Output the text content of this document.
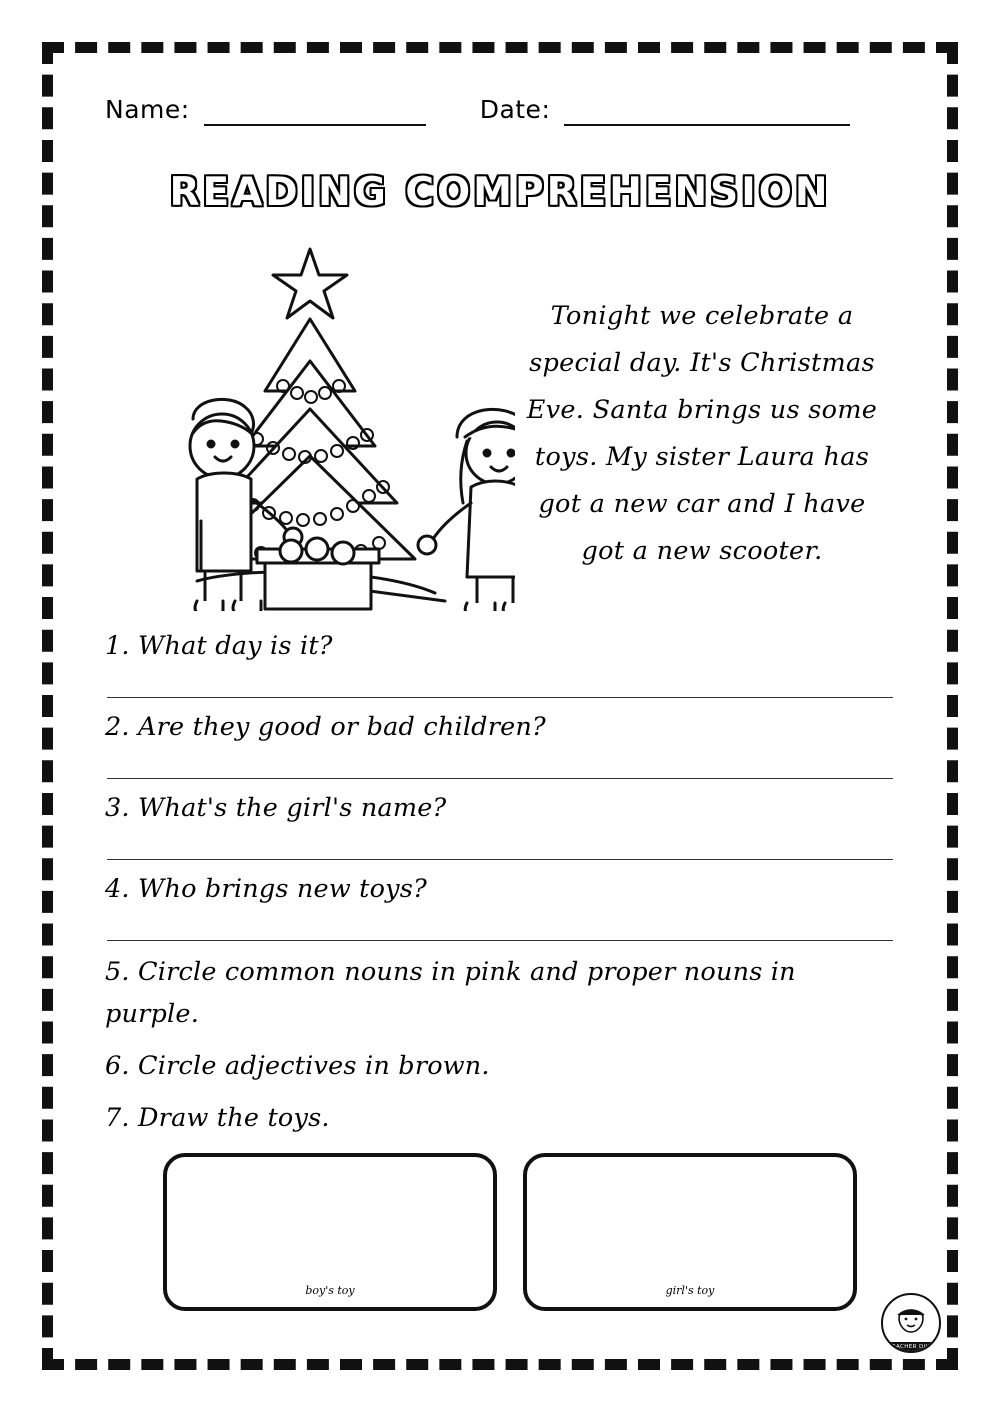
Name:	Date:
READING COMPREHENSION
Tonight we celebrate a special day. It's Christmas Eve. Santa brings us some toys. My sister Laura has got a new car and I have got a new scooter.
1. What day is it?
2. Are they good or bad children?
3. What's the girl's name?
4. Who brings new toys?
5. Circle common nouns in pink and proper nouns in purple.
6. Circle adjectives in brown.
7. Draw the toys.
boy's toy	girl's toy
TEACHER DIVA
